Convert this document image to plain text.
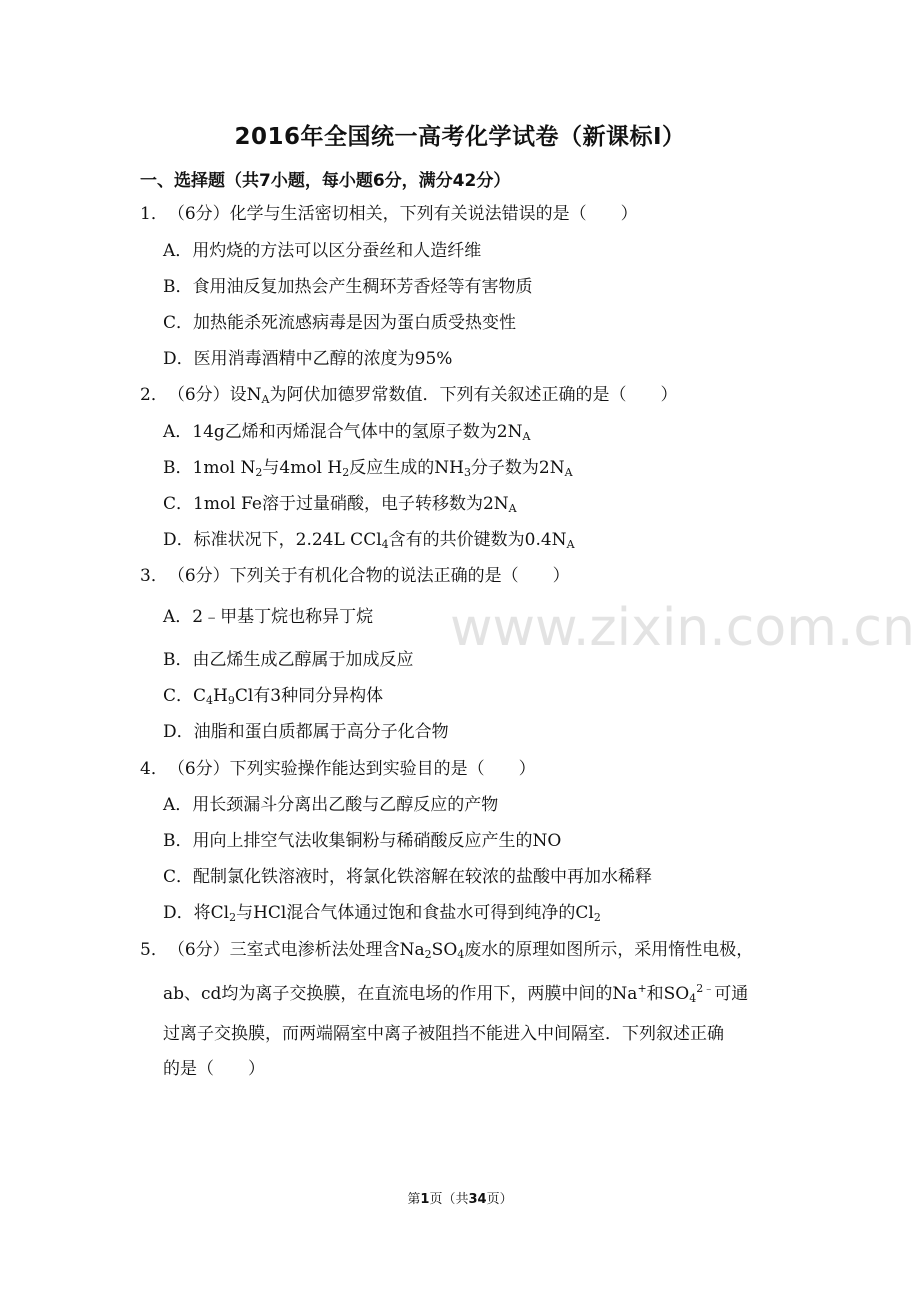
2016年全国统一高考化学试卷（新课标Ⅰ）
一、选择题（共7小题，每小题6分，满分42分）
1．（6分）化学与生活密切相关，下列有关说法错误的是（　　）
A．用灼烧的方法可以区分蚕丝和人造纤维
B．食用油反复加热会产生稠环芳香烃等有害物质
C．加热能杀死流感病毒是因为蛋白质受热变性
D．医用消毒酒精中乙醇的浓度为95%
2．（6分）设$N_A$为阿伏加德罗常数值．下列有关叙述正确的是（　　）
A．14g乙烯和丙烯混合气体中的氢原子数为$2N_A$
B．1mol $N_2$与4mol $H_2$反应生成的$NH_3$分子数为$2N_A$
C．1mol Fe溶于过量硝酸，电子转移数为$2N_A$
D．标准状况下，2.24L CCl$_4$含有的共价键数为$0.4N_A$
3．（6分）下列关于有机化合物的说法正确的是（　　）
A．2﹣甲基丁烷也称异丁烷
B．由乙烯生成乙醇属于加成反应
C．$C_4H_9Cl$有3种同分异构体
D．油脂和蛋白质都属于高分子化合物
4．（6分）下列实验操作能达到实验目的是（　　）
A．用长颈漏斗分离出乙酸与乙醇反应的产物
B．用向上排空气法收集铜粉与稀硝酸反应产生的NO
C．配制氯化铁溶液时，将氯化铁溶解在较浓的盐酸中再加水稀释
D．将$Cl_2$与HCl混合气体通过饱和食盐水可得到纯净的$Cl_2$
5．（6分）三室式电渗析法处理含$Na_2SO_4$废水的原理如图所示，采用惰性电极，
ab、cd均为离子交换膜，在直流电场的作用下，两膜中间的Na+和$SO_4^{2﹣}$可通
过离子交换膜，而两端隔室中离子被阻挡不能进入中间隔室．下列叙述正确
的是（　　）
www.zixin.com.cn
第1页（共34页）
